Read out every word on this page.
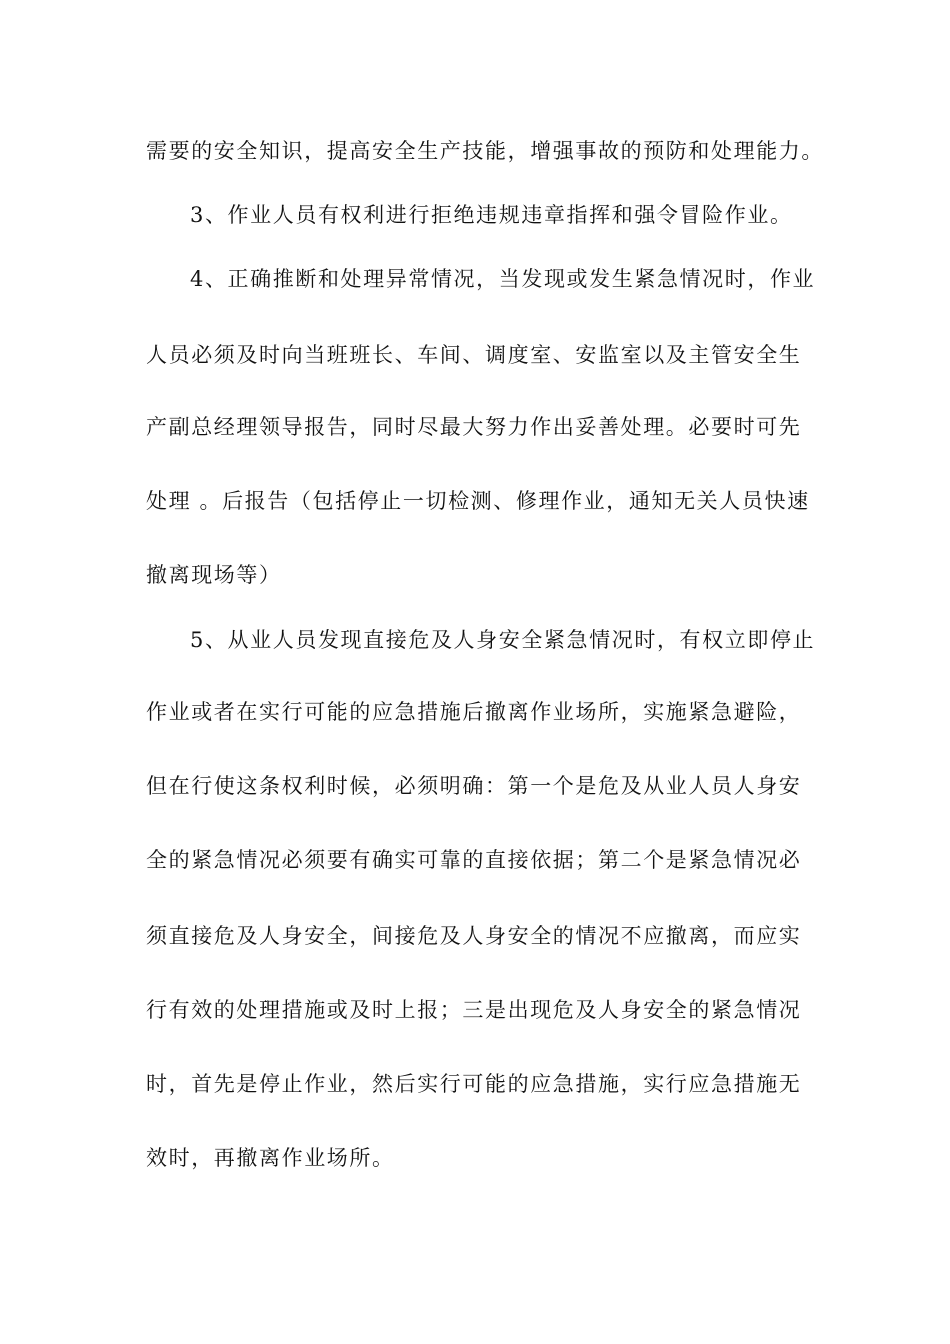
需要的安全知识，提高安全生产技能，增强事故的预防和处理能力。
3、作业人员有权利进行拒绝违规违章指挥和强令冒险作业。
4、正确推断和处理异常情况，当发现或发生紧急情况时，作业
人员必须及时向当班班长、车间、调度室、安监室以及主管安全生
产副总经理领导报告，同时尽最大努力作出妥善处理。必要时可先
处理 。后报告（包括停止一切检测、修理作业，通知无关人员快速
撤离现场等）
5、从业人员发现直接危及人身安全紧急情况时，有权立即停止
作业或者在实行可能的应急措施后撤离作业场所，实施紧急避险，
但在行使这条权利时候，必须明确：第一个是危及从业人员人身安
全的紧急情况必须要有确实可靠的直接依据；第二个是紧急情况必
须直接危及人身安全，间接危及人身安全的情况不应撤离，而应实
行有效的处理措施或及时上报；三是出现危及人身安全的紧急情况
时，首先是停止作业，然后实行可能的应急措施，实行应急措施无
效时，再撤离作业场所。
